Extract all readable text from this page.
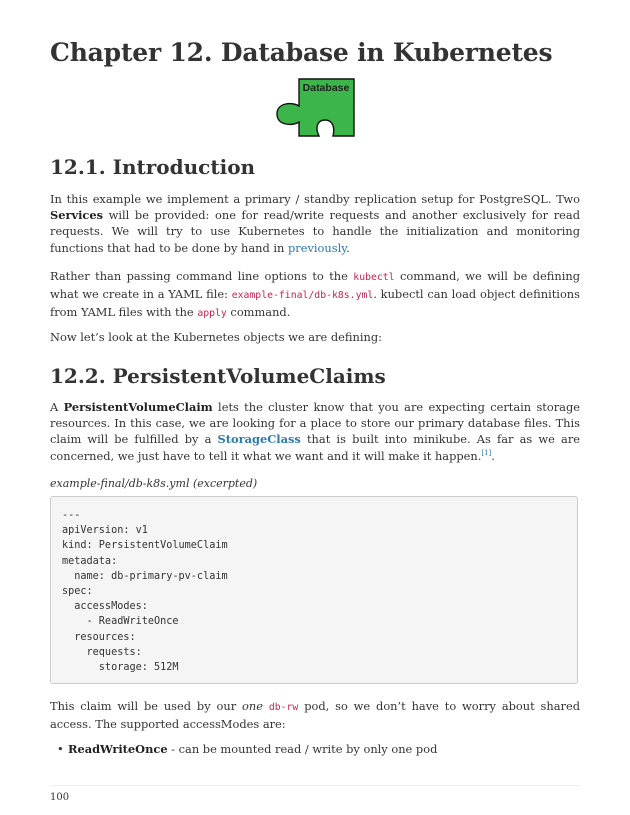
Chapter 12. Database in Kubernetes
Database
12.1. Introduction

In this example we implement a primary / standby replication setup for PostgreSQL. Two Services will be provided: one for read/write requests and another exclusively for read requests. We will try to use Kubernetes to handle the initialization and monitoring functions that had to be done by hand in previously.

Rather than passing command line options to the kubectl command, we will be defining what we create in a YAML file: example-final/db-k8s.yml. kubectl can load object definitions from YAML files with the apply command.

Now let’s look at the Kubernetes objects we are defining:

12.2. PersistentVolumeClaims

A PersistentVolumeClaim lets the cluster know that you are expecting certain storage resources. In this case, we are looking for a place to store our primary database files. This claim will be fulfilled by a StorageClass that is built into minikube. As far as we are concerned, we just have to tell it what we want and it will make it happen.[1].

example-final/db-k8s.yml (excerpted)
---
apiVersion: v1
kind: PersistentVolumeClaim
metadata:
name: db-primary-pv-claim
spec:
accessModes:
- ReadWriteOnce
resources:
requests:
storage: 512M

This claim will be used by our one db-rw pod, so we don’t have to worry about shared access. The supported accessModes are:

• ReadWriteOnce - can be mounted read / write by only one pod
100
